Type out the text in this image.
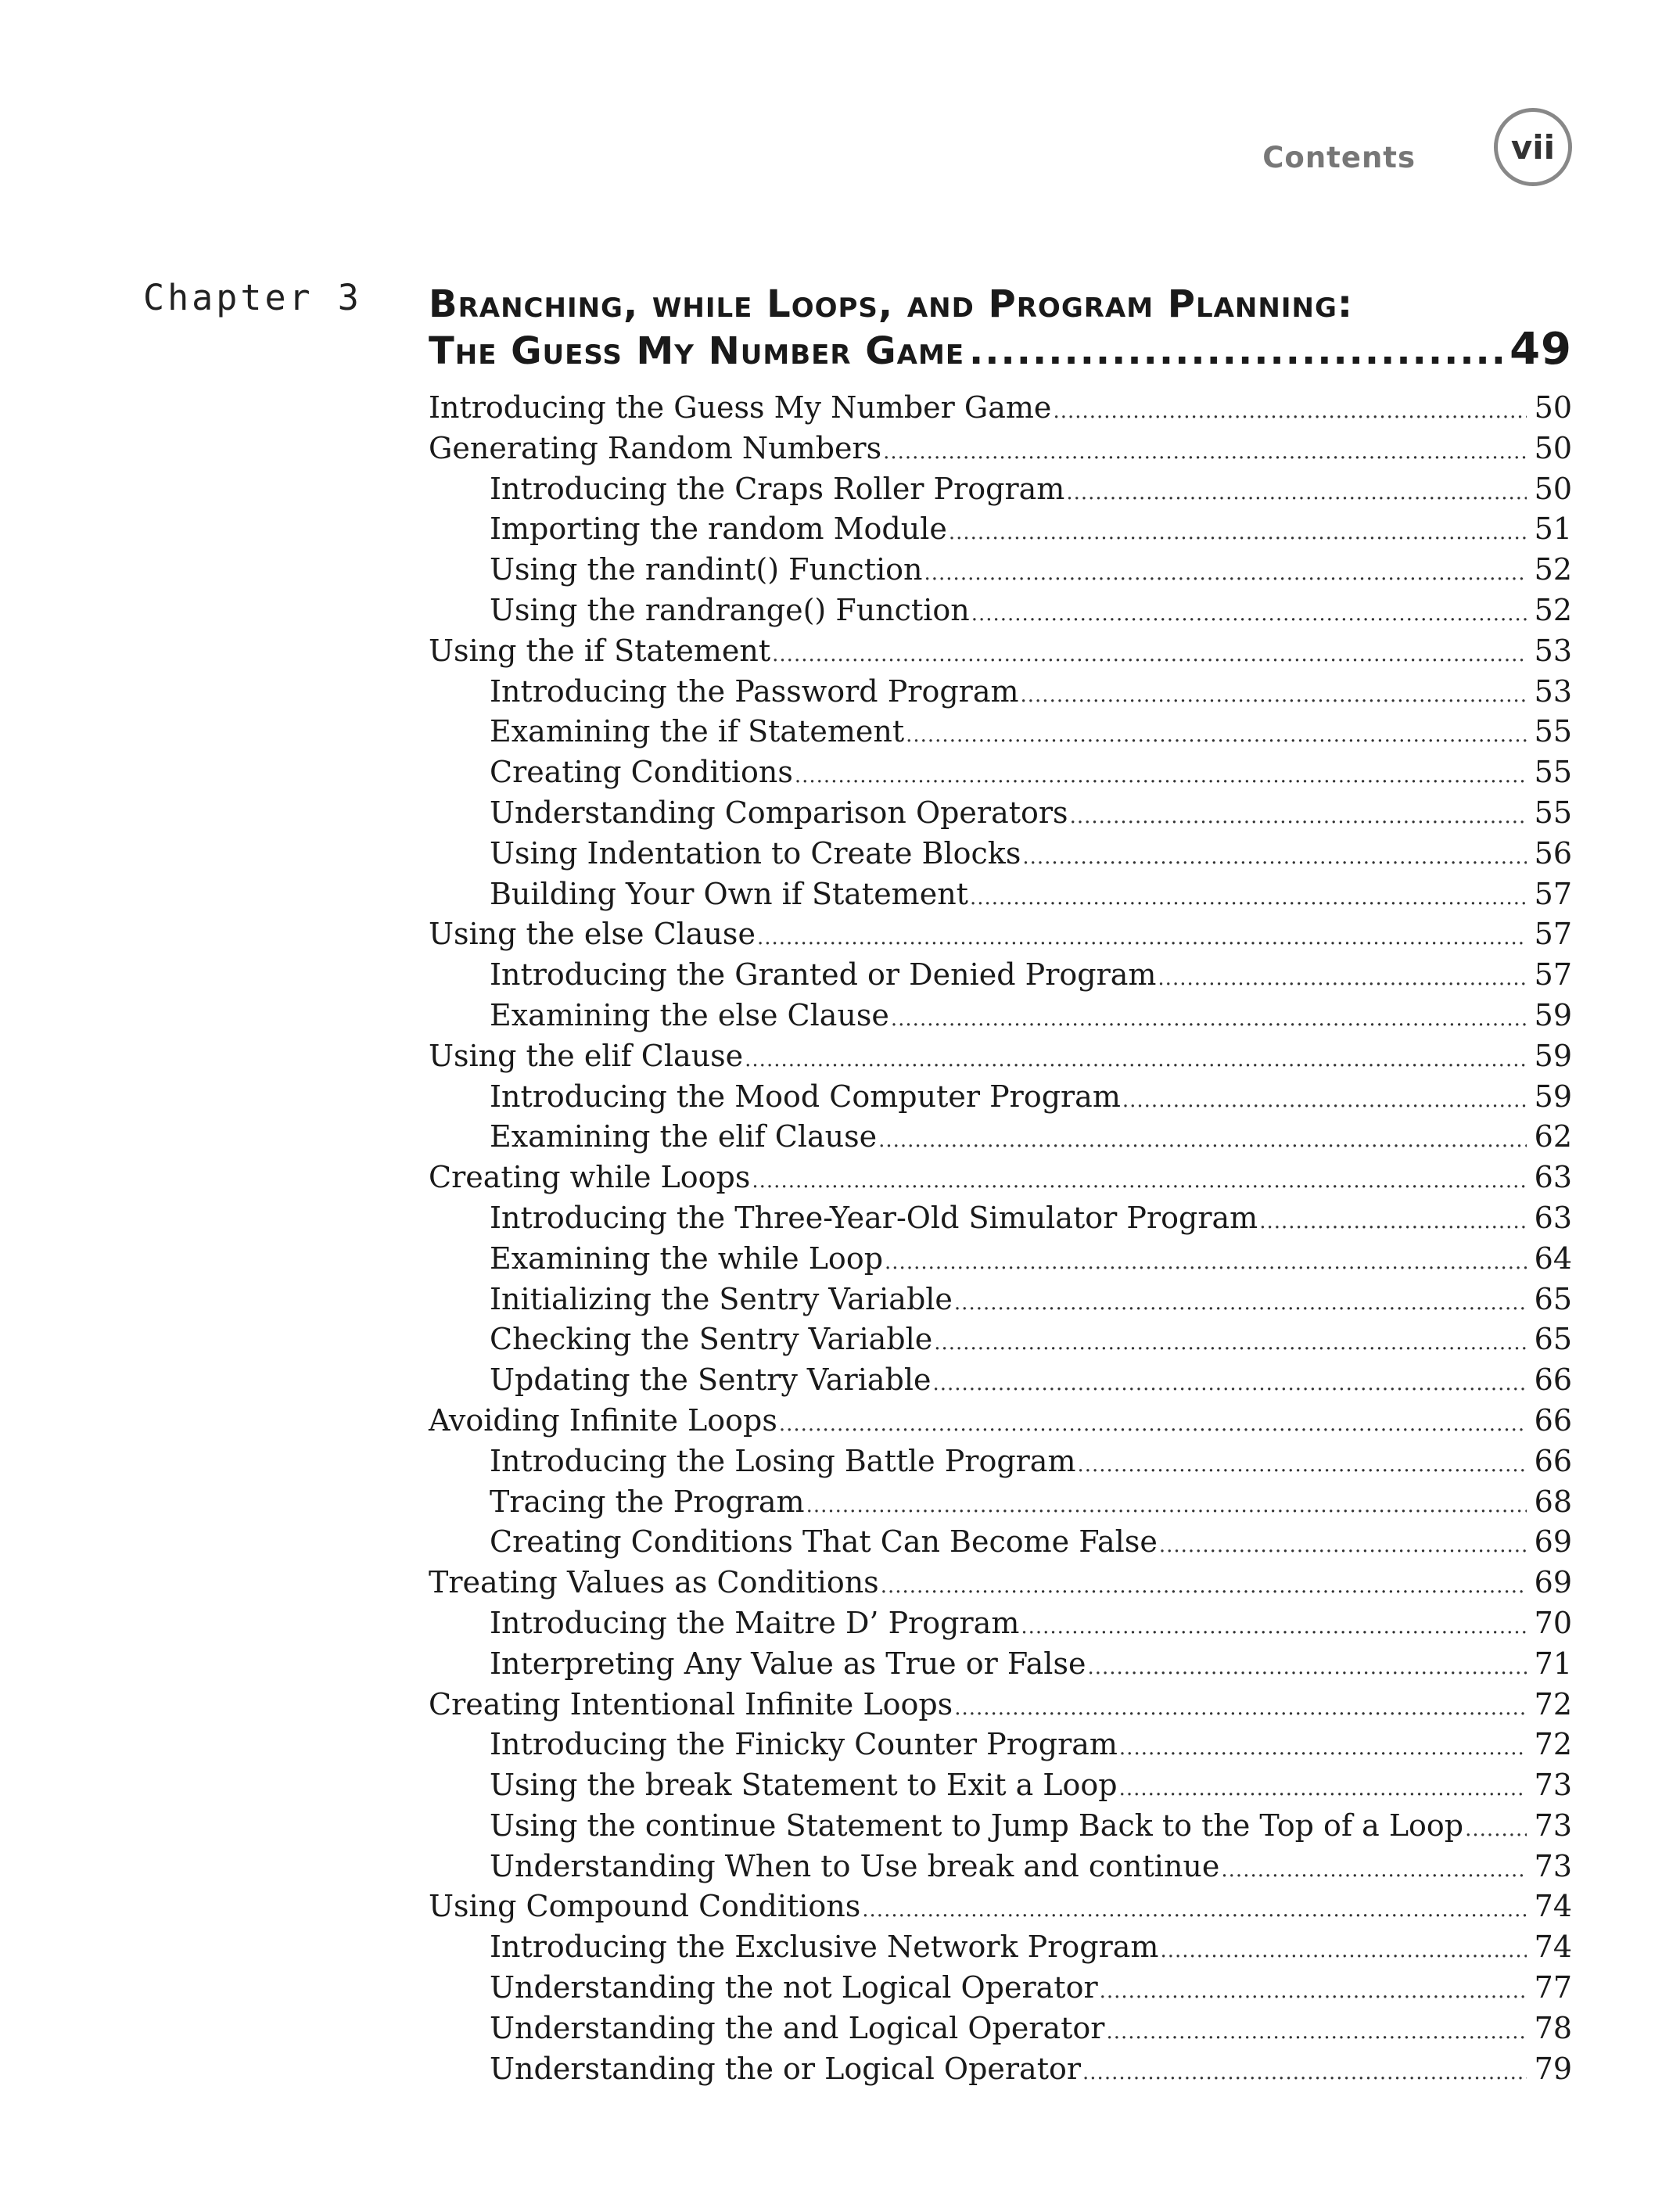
Contents	vii
Chapter 3 Branching, while Loops, and Program Planning:
The Guess My Number Game .....	49
Introducing the Guess My Number Game .....	50
Generating Random Numbers .....	50
Introducing the Craps Roller Program .....	50
Importing the random Module .....	51
Using the randint() Function .....	52
Using the randrange() Function .....	52
Using the if Statement .....	53
Introducing the Password Program .....	53
Examining the if Statement .....	55
Creating Conditions .....	55
Understanding Comparison Operators .....	55
Using Indentation to Create Blocks .....	56
Building Your Own if Statement .....	57
Using the else Clause .....	57
Introducing the Granted or Denied Program .....	57
Examining the else Clause .....	59
Using the elif Clause .....	59
Introducing the Mood Computer Program .....	59
Examining the elif Clause .....	62
Creating while Loops .....	63
Introducing the Three-Year-Old Simulator Program .....	63
Examining the while Loop .....	64
Initializing the Sentry Variable .....	65
Checking the Sentry Variable .....	65
Updating the Sentry Variable .....	66
Avoiding Infinite Loops .....	66
Introducing the Losing Battle Program .....	66
Tracing the Program .....	68
Creating Conditions That Can Become False .....	69
Treating Values as Conditions .....	69
Introducing the Maitre D’ Program .....	70
Interpreting Any Value as True or False .....	71
Creating Intentional Infinite Loops .....	72
Introducing the Finicky Counter Program .....	72
Using the break Statement to Exit a Loop .....	73
Using the continue Statement to Jump Back to the Top of a Loop ..... 73
Understanding When to Use break and continue .....	73
Using Compound Conditions .....	74
Introducing the Exclusive Network Program .....	74
Understanding the not Logical Operator .....	77
Understanding the and Logical Operator .....	78
Understanding the or Logical Operator .....	79
